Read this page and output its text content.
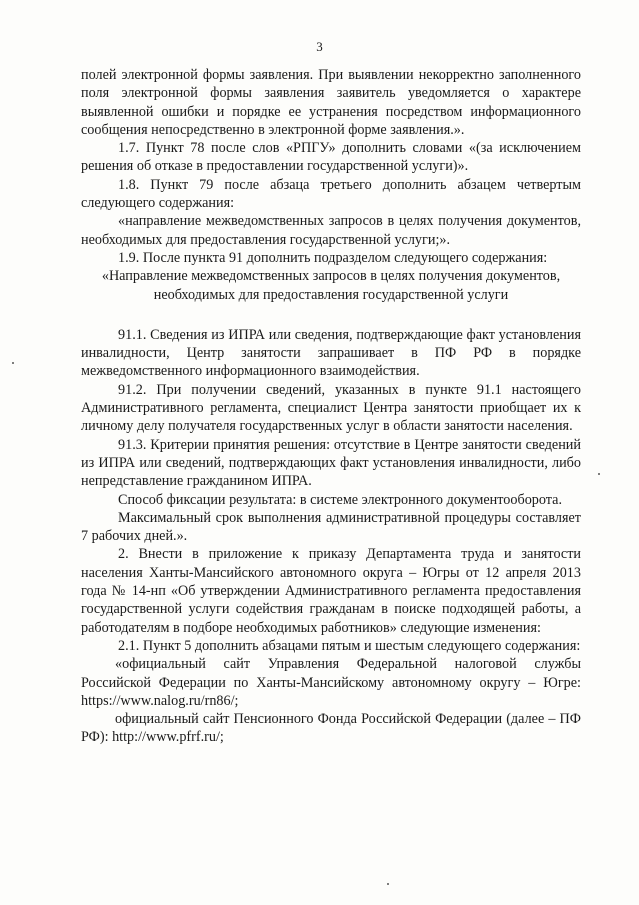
3

полей электронной формы заявления. При выявлении некорректно заполненного поля электронной формы заявления заявитель уведомляется о характере выявленной ошибки и порядке ее устранения посредством информационного сообщения непосредственно в электронной форме заявления.».

1.7. Пункт 78 после слов «РПГУ» дополнить словами «(за исключением решения об отказе в предоставлении государственной услуги)».

1.8. Пункт 79 после абзаца третьего дополнить абзацем четвертым следующего содержания:

«направление межведомственных запросов в целях получения документов, необходимых для предоставления государственной услуги;».

1.9. После пункта 91 дополнить подразделом следующего содержания:

«Направление межведомственных запросов в целях получения документов, необходимых для предоставления государственной услуги

91.1. Сведения из ИПРА или сведения, подтверждающие факт установления инвалидности, Центр занятости запрашивает в ПФ РФ в порядке межведомственного информационного взаимодействия.

91.2. При получении сведений, указанных в пункте 91.1 настоящего Административного регламента, специалист Центра занятости приобщает их к личному делу получателя государственных услуг в области занятости населения.

91.3. Критерии принятия решения: отсутствие в Центре занятости сведений из ИПРА или сведений, подтверждающих факт установления инвалидности, либо непредставление гражданином ИПРА.

Способ фиксации результата: в системе электронного документооборота.

Максимальный срок выполнения административной процедуры составляет 7 рабочих дней.».

2. Внести в приложение к приказу Департамента труда и занятости населения Ханты-Мансийского автономного округа – Югры от 12 апреля 2013 года № 14-нп «Об утверждении Административного регламента предоставления государственной услуги содействия гражданам в поиске подходящей работы, а работодателям в подборе необходимых работников» следующие изменения:

2.1. Пункт 5 дополнить абзацами пятым и шестым следующего содержания:

«официальный сайт Управления Федеральной налоговой службы Российской Федерации по Ханты-Мансийскому автономному округу – Югре: https://www.nalog.ru/rn86/;

официальный сайт Пенсионного Фонда Российской Федерации (далее – ПФ РФ): http://www.pfrf.ru/;
